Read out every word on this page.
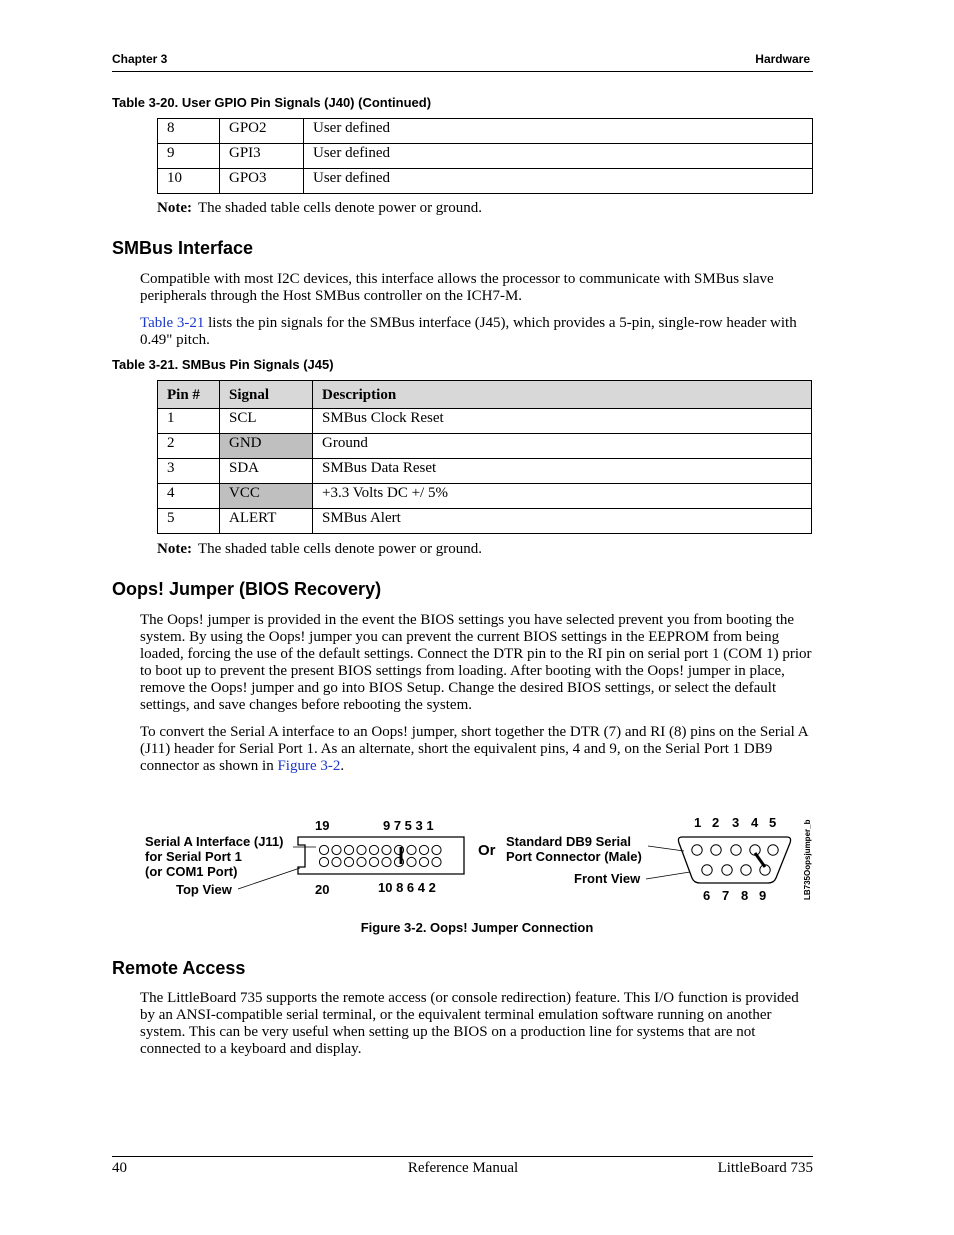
Chapter 3	Hardware
Table 3-20. User GPIO Pin Signals (J40) (Continued)
8	GPO2	User defined
9	GPI3	User defined
10	GPO3	User defined
Note: The shaded table cells denote power or ground.
SMBus Interface
Compatible with most I2C devices, this interface allows the processor to communicate with SMBus slave peripherals through the Host SMBus controller on the ICH7-M.
Table 3-21 lists the pin signals for the SMBus interface (J45), which provides a 5-pin, single-row header with 0.49" pitch.
Table 3-21. SMBus Pin Signals (J45)
Pin #	Signal	Description
1	SCL	SMBus Clock Reset
2	GND	Ground
3	SDA	SMBus Data Reset
4	VCC	+3.3 Volts DC +/ 5%
5	ALERT	SMBus Alert
Note: The shaded table cells denote power or ground.
Oops! Jumper (BIOS Recovery)
The Oops! jumper is provided in the event the BIOS settings you have selected prevent you from booting the system. By using the Oops! jumper you can prevent the current BIOS settings in the EEPROM from being loaded, forcing the use of the default settings. Connect the DTR pin to the RI pin on serial port 1 (COM 1) prior to boot up to prevent the present BIOS settings from loading. After booting with the Oops! jumper in place, remove the Oops! jumper and go into BIOS Setup. Change the desired BIOS settings, or select the default settings, and save changes before rebooting the system.
To convert the Serial A interface to an Oops! jumper, short together the DTR (7) and RI (8) pins on the Serial A (J11) header for Serial Port 1. As an alternate, short the equivalent pins, 4 and 9, on the Serial Port 1 DB9 connector as shown in Figure 3-2.
Serial A Interface (J11)
for Serial Port 1
(or COM1 Port)
Top View
19	9 7 5 3 1
20	10 8 6 4 2
Or
Standard DB9 Serial
Port Connector (Male)
Front View
1 2 3 4 5
6 7 8 9	LB735Oopsjumper_b
Figure 3-2. Oops! Jumper Connection
Remote Access
The LittleBoard 735 supports the remote access (or console redirection) feature. This I/O function is provided by an ANSI-compatible serial terminal, or the equivalent terminal emulation software running on another system. This can be very useful when setting up the BIOS on a production line for systems that are not connected to a keyboard and display.
40	Reference Manual	LittleBoard 735
